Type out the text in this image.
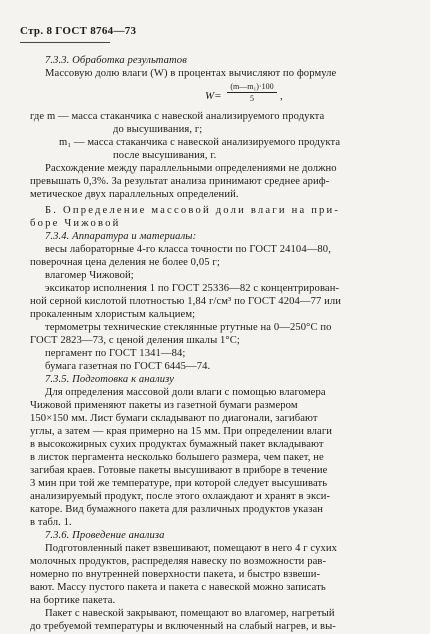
Стр. 8 ГОСТ 8764—73
7.3.3. Обработка результатов
Массовую долю влаги (W) в процентах вычисляют по формуле
$W= \frac{\text{(m—m₁)·100}}{5}$ ,
где m — масса стаканчика с навеской анализируемого продукта
до высушивания, г;
m₁ — масса стаканчика с навеской анализируемого продукта
после высушивания, г.
Расхождение между параллельными определениями не должно
превышать 0,3%. За результат анализа принимают среднее ариф-
метическое двух параллельных определений.
Б. Определение массовой доли влаги на при-
боре Чижовой
7.3.4. Аппаратура и материалы:
весы лабораторные 4-го класса точности по ГОСТ 24104—80,
поверочная цена деления не более 0,05 г;
влагомер Чижовой;
эксикатор исполнения 1 по ГОСТ 25336—82 с концентрирован-
ной серной кислотой плотностью 1,84 г/см³ по ГОСТ 4204—77 или
прокаленным хлористым кальцием;
термометры технические стеклянные ртутные на 0—250°С по
ГОСТ 2823—73, с ценой деления шкалы 1°С;
пергамент по ГОСТ 1341—84;
бумага газетная по ГОСТ 6445—74.
7.3.5. Подготовка к анализу
Для определения массовой доли влаги с помощью влагомера
Чижовой применяют пакеты из газетной бумаги размером
150×150 мм. Лист бумаги складывают по диагонали, загибают
углы, а затем — края примерно на 15 мм. При определении влаги
в высокожирных сухих продуктах бумажный пакет вкладывают
в листок пергамента несколько большего размера, чем пакет, не
загибая краев. Готовые пакеты высушивают в приборе в течение
3 мин при той же температуре, при которой следует высушивать
анализируемый продукт, после этого охлаждают и хранят в экси-
каторе. Вид бумажного пакета для различных продуктов указан
в табл. 1.
7.3.6. Проведение анализа
Подготовленный пакет взвешивают, помещают в него 4 г сухих
молочных продуктов, распределяя навеску по возможности рав-
номерно по внутренней поверхности пакета, и быстро взвеши-
вают. Массу пустого пакета и пакета с навеской можно записать
на бортике пакета.
Пакет с навеской закрывают, помещают во влагомер, нагретый
до требуемой температуры и включенный на слабый нагрев, и вы-
